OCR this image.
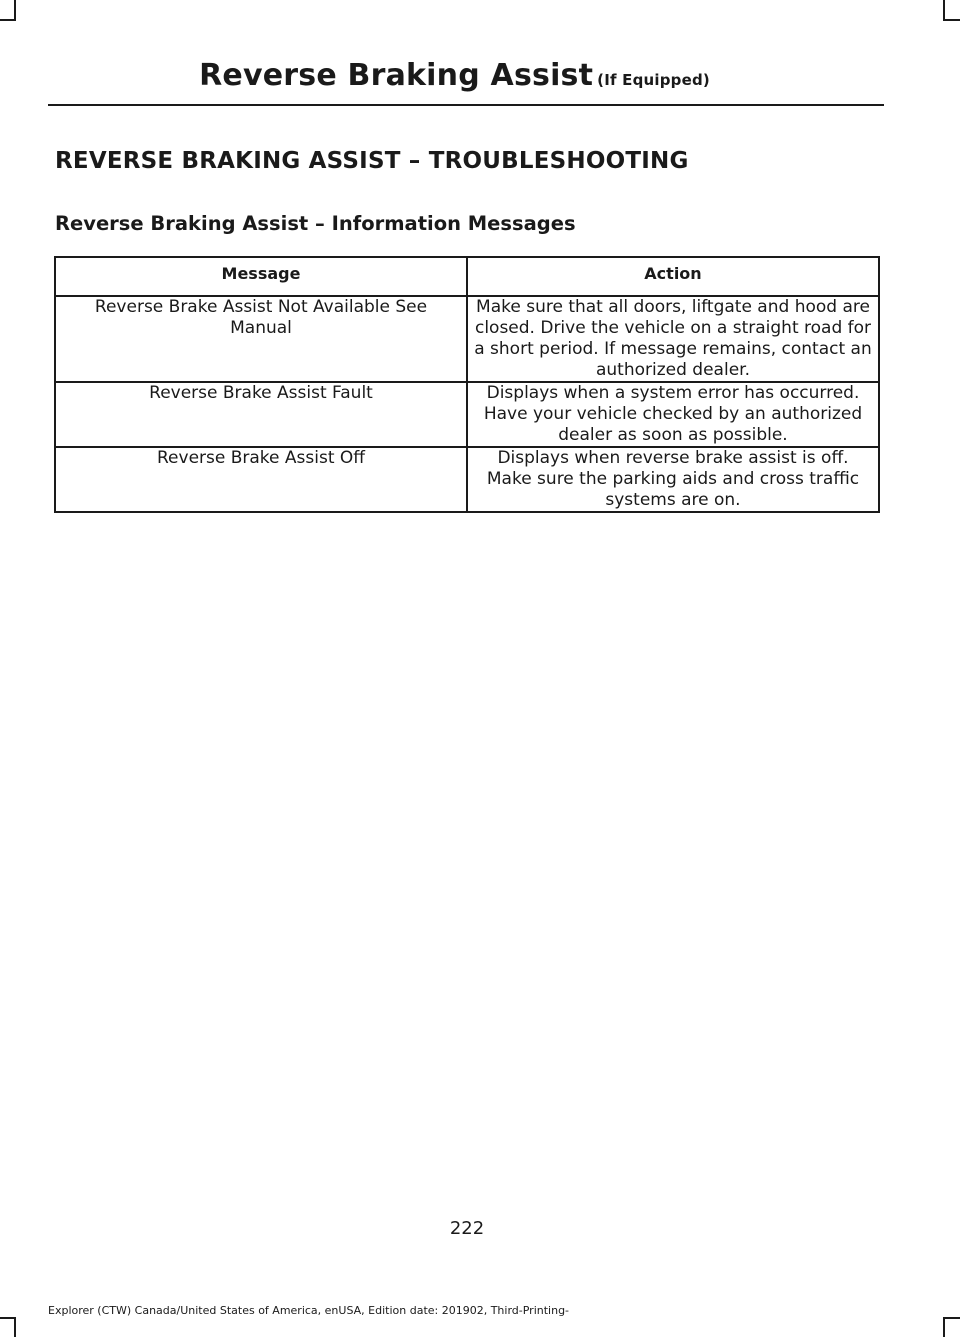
Reverse Braking Assist (If Equipped)
REVERSE BRAKING ASSIST – TROUBLESHOOTING
Reverse Braking Assist – Information Messages
Message	Action
Reverse Brake Assist Not Available See Manual	Make sure that all doors, liftgate and hood are closed. Drive the vehicle on a straight road for a short period. If message remains, contact an authorized dealer.
Reverse Brake Assist Fault	Displays when a system error has occurred. Have your vehicle checked by an authorized dealer as soon as possible.
Reverse Brake Assist Off	Displays when reverse brake assist is off. Make sure the parking aids and cross traffic systems are on.
222
Explorer (CTW) Canada/United States of America, enUSA, Edition date: 201902, Third-Printing-
